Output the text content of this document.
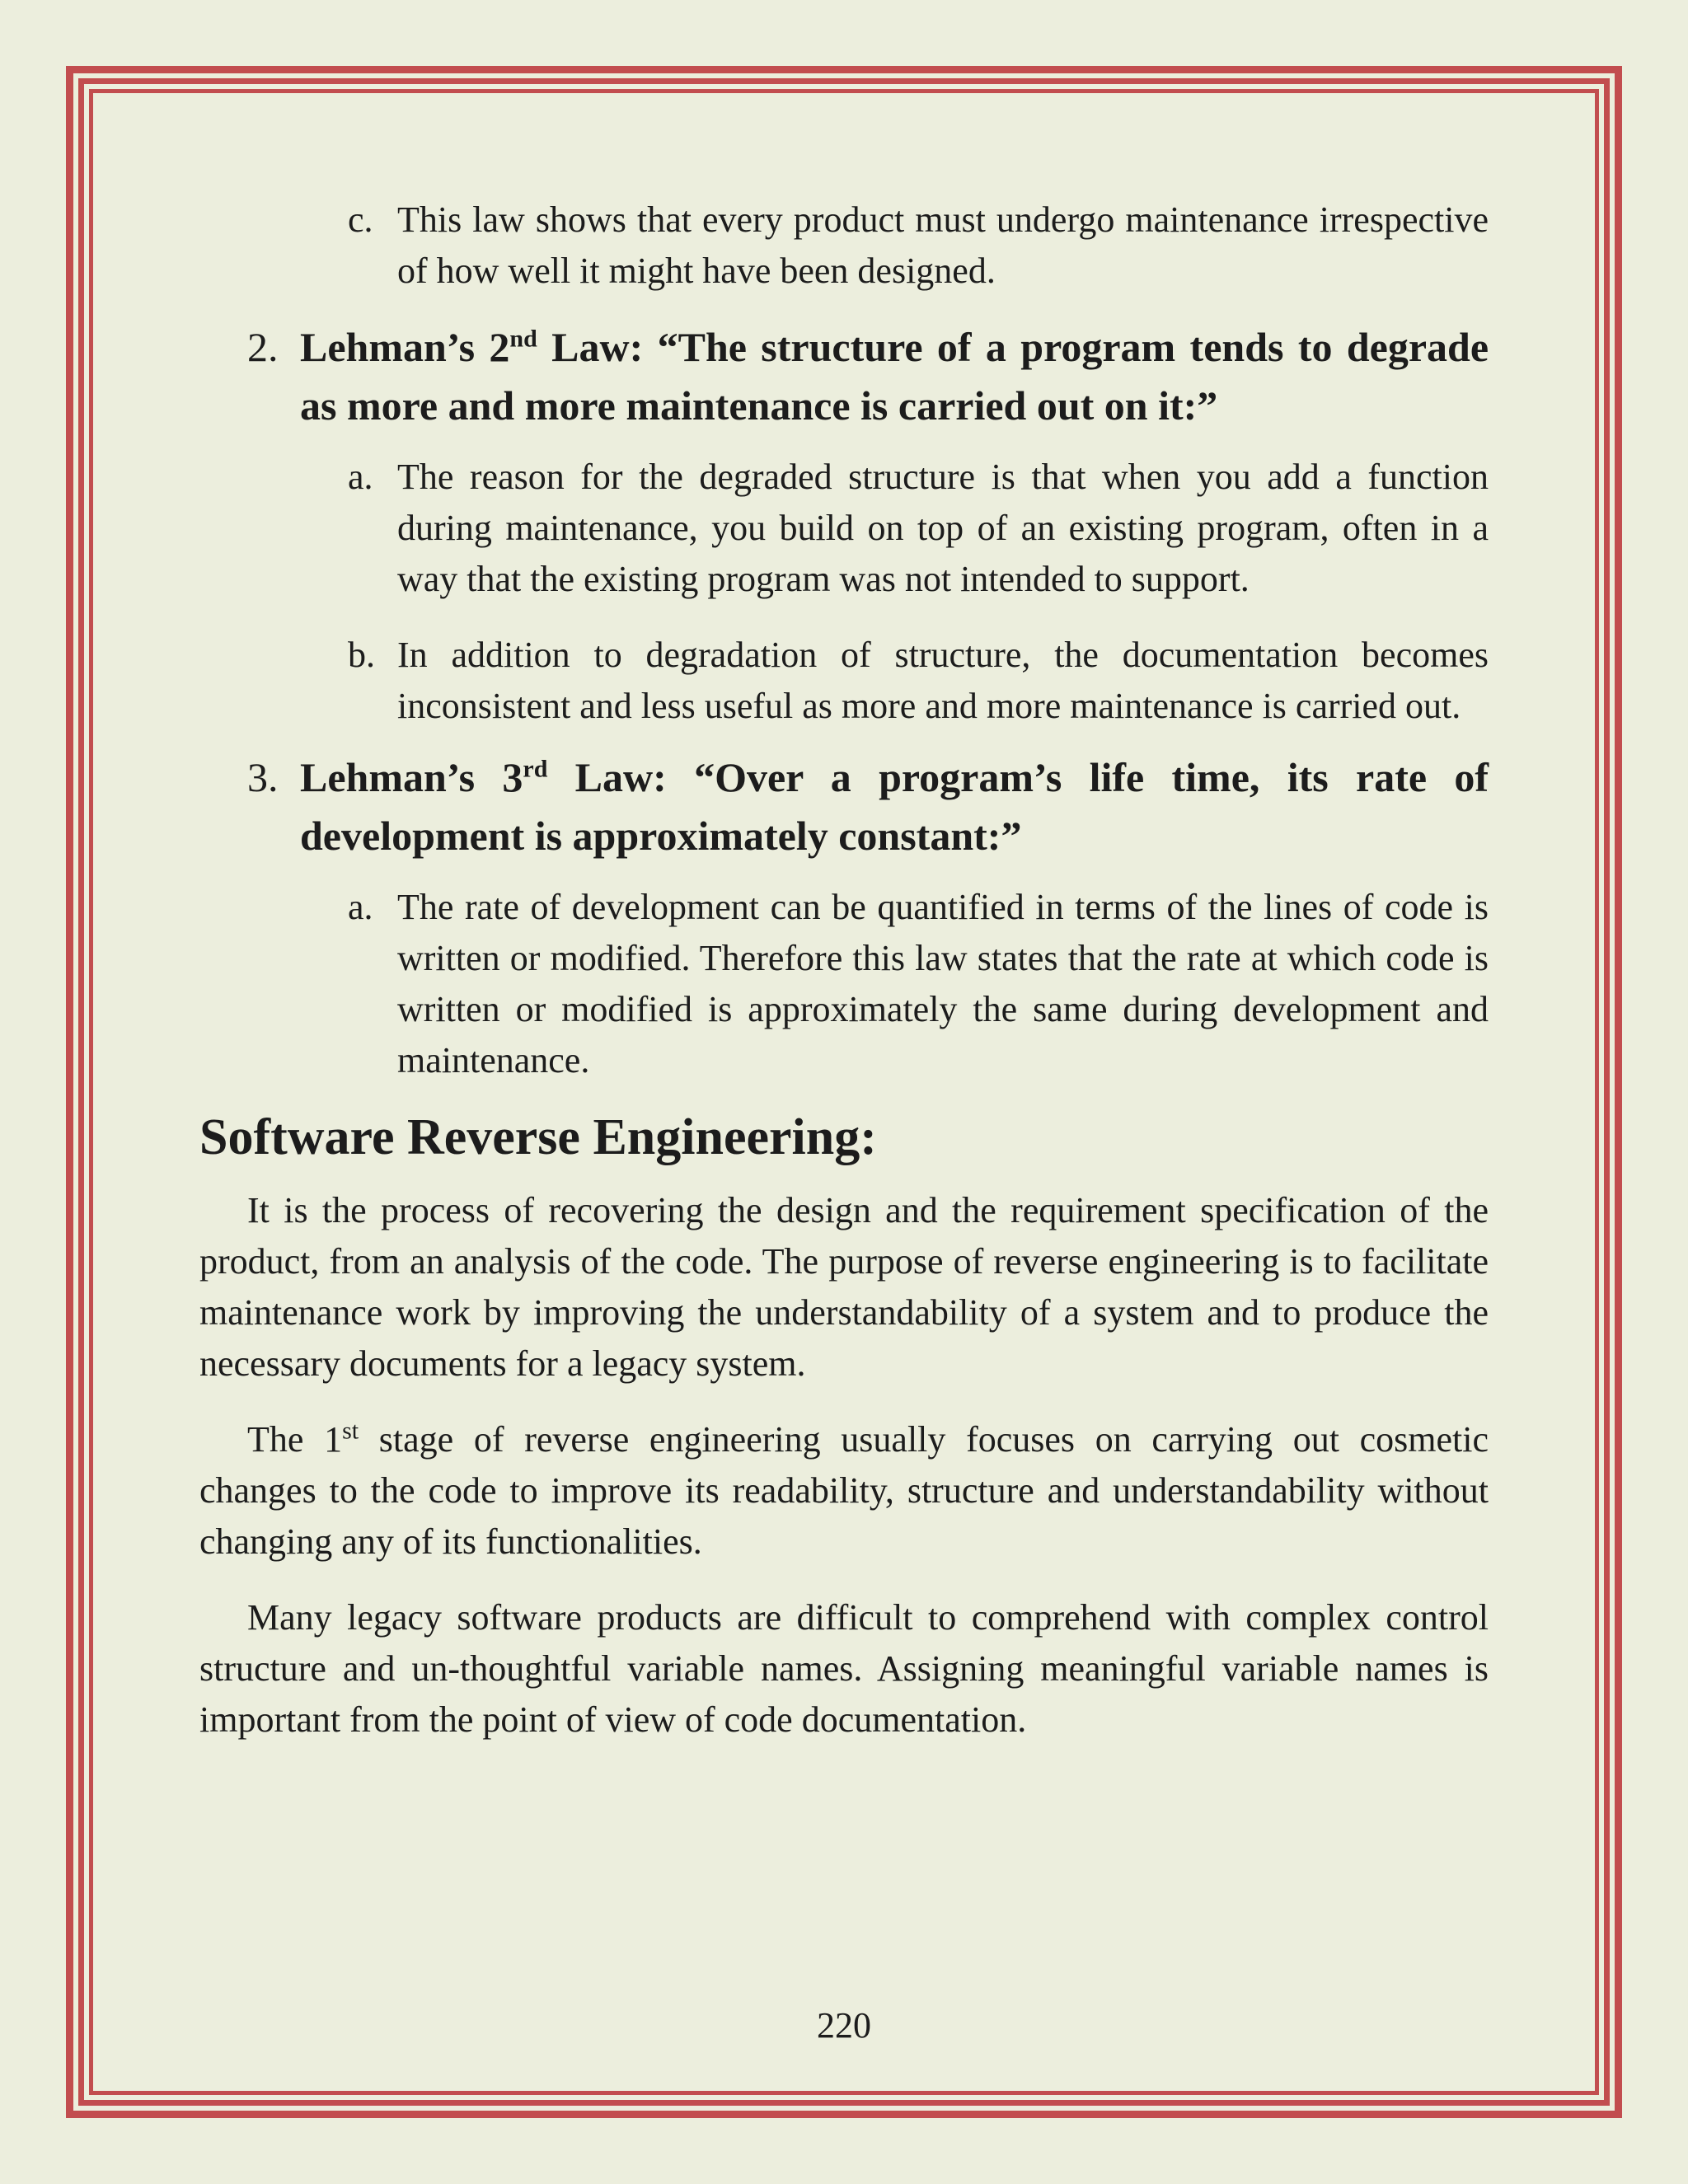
c. This law shows that every product must undergo maintenance irrespective of how well it might have been designed.
2. Lehman’s 2nd Law: “The structure of a program tends to degrade as more and more maintenance is carried out on it:”
a. The reason for the degraded structure is that when you add a function during maintenance, you build on top of an existing program, often in a way that the existing program was not intended to support.
b. In addition to degradation of structure, the documentation becomes inconsistent and less useful as more and more maintenance is carried out.
3. Lehman’s 3rd Law: “Over a program’s life time, its rate of development is approximately constant:”
a. The rate of development can be quantified in terms of the lines of code is written or modified. Therefore this law states that the rate at which code is written or modified is approximately the same during development and maintenance.
Software Reverse Engineering:
It is the process of recovering the design and the requirement specification of the product, from an analysis of the code. The purpose of reverse engineering is to facilitate maintenance work by improving the understandability of a system and to produce the necessary documents for a legacy system.
The 1st stage of reverse engineering usually focuses on carrying out cosmetic changes to the code to improve its readability, structure and understandability without changing any of its functionalities.
Many legacy software products are difficult to comprehend with complex control structure and un-thoughtful variable names. Assigning meaningful variable names is important from the point of view of code documentation.
220
